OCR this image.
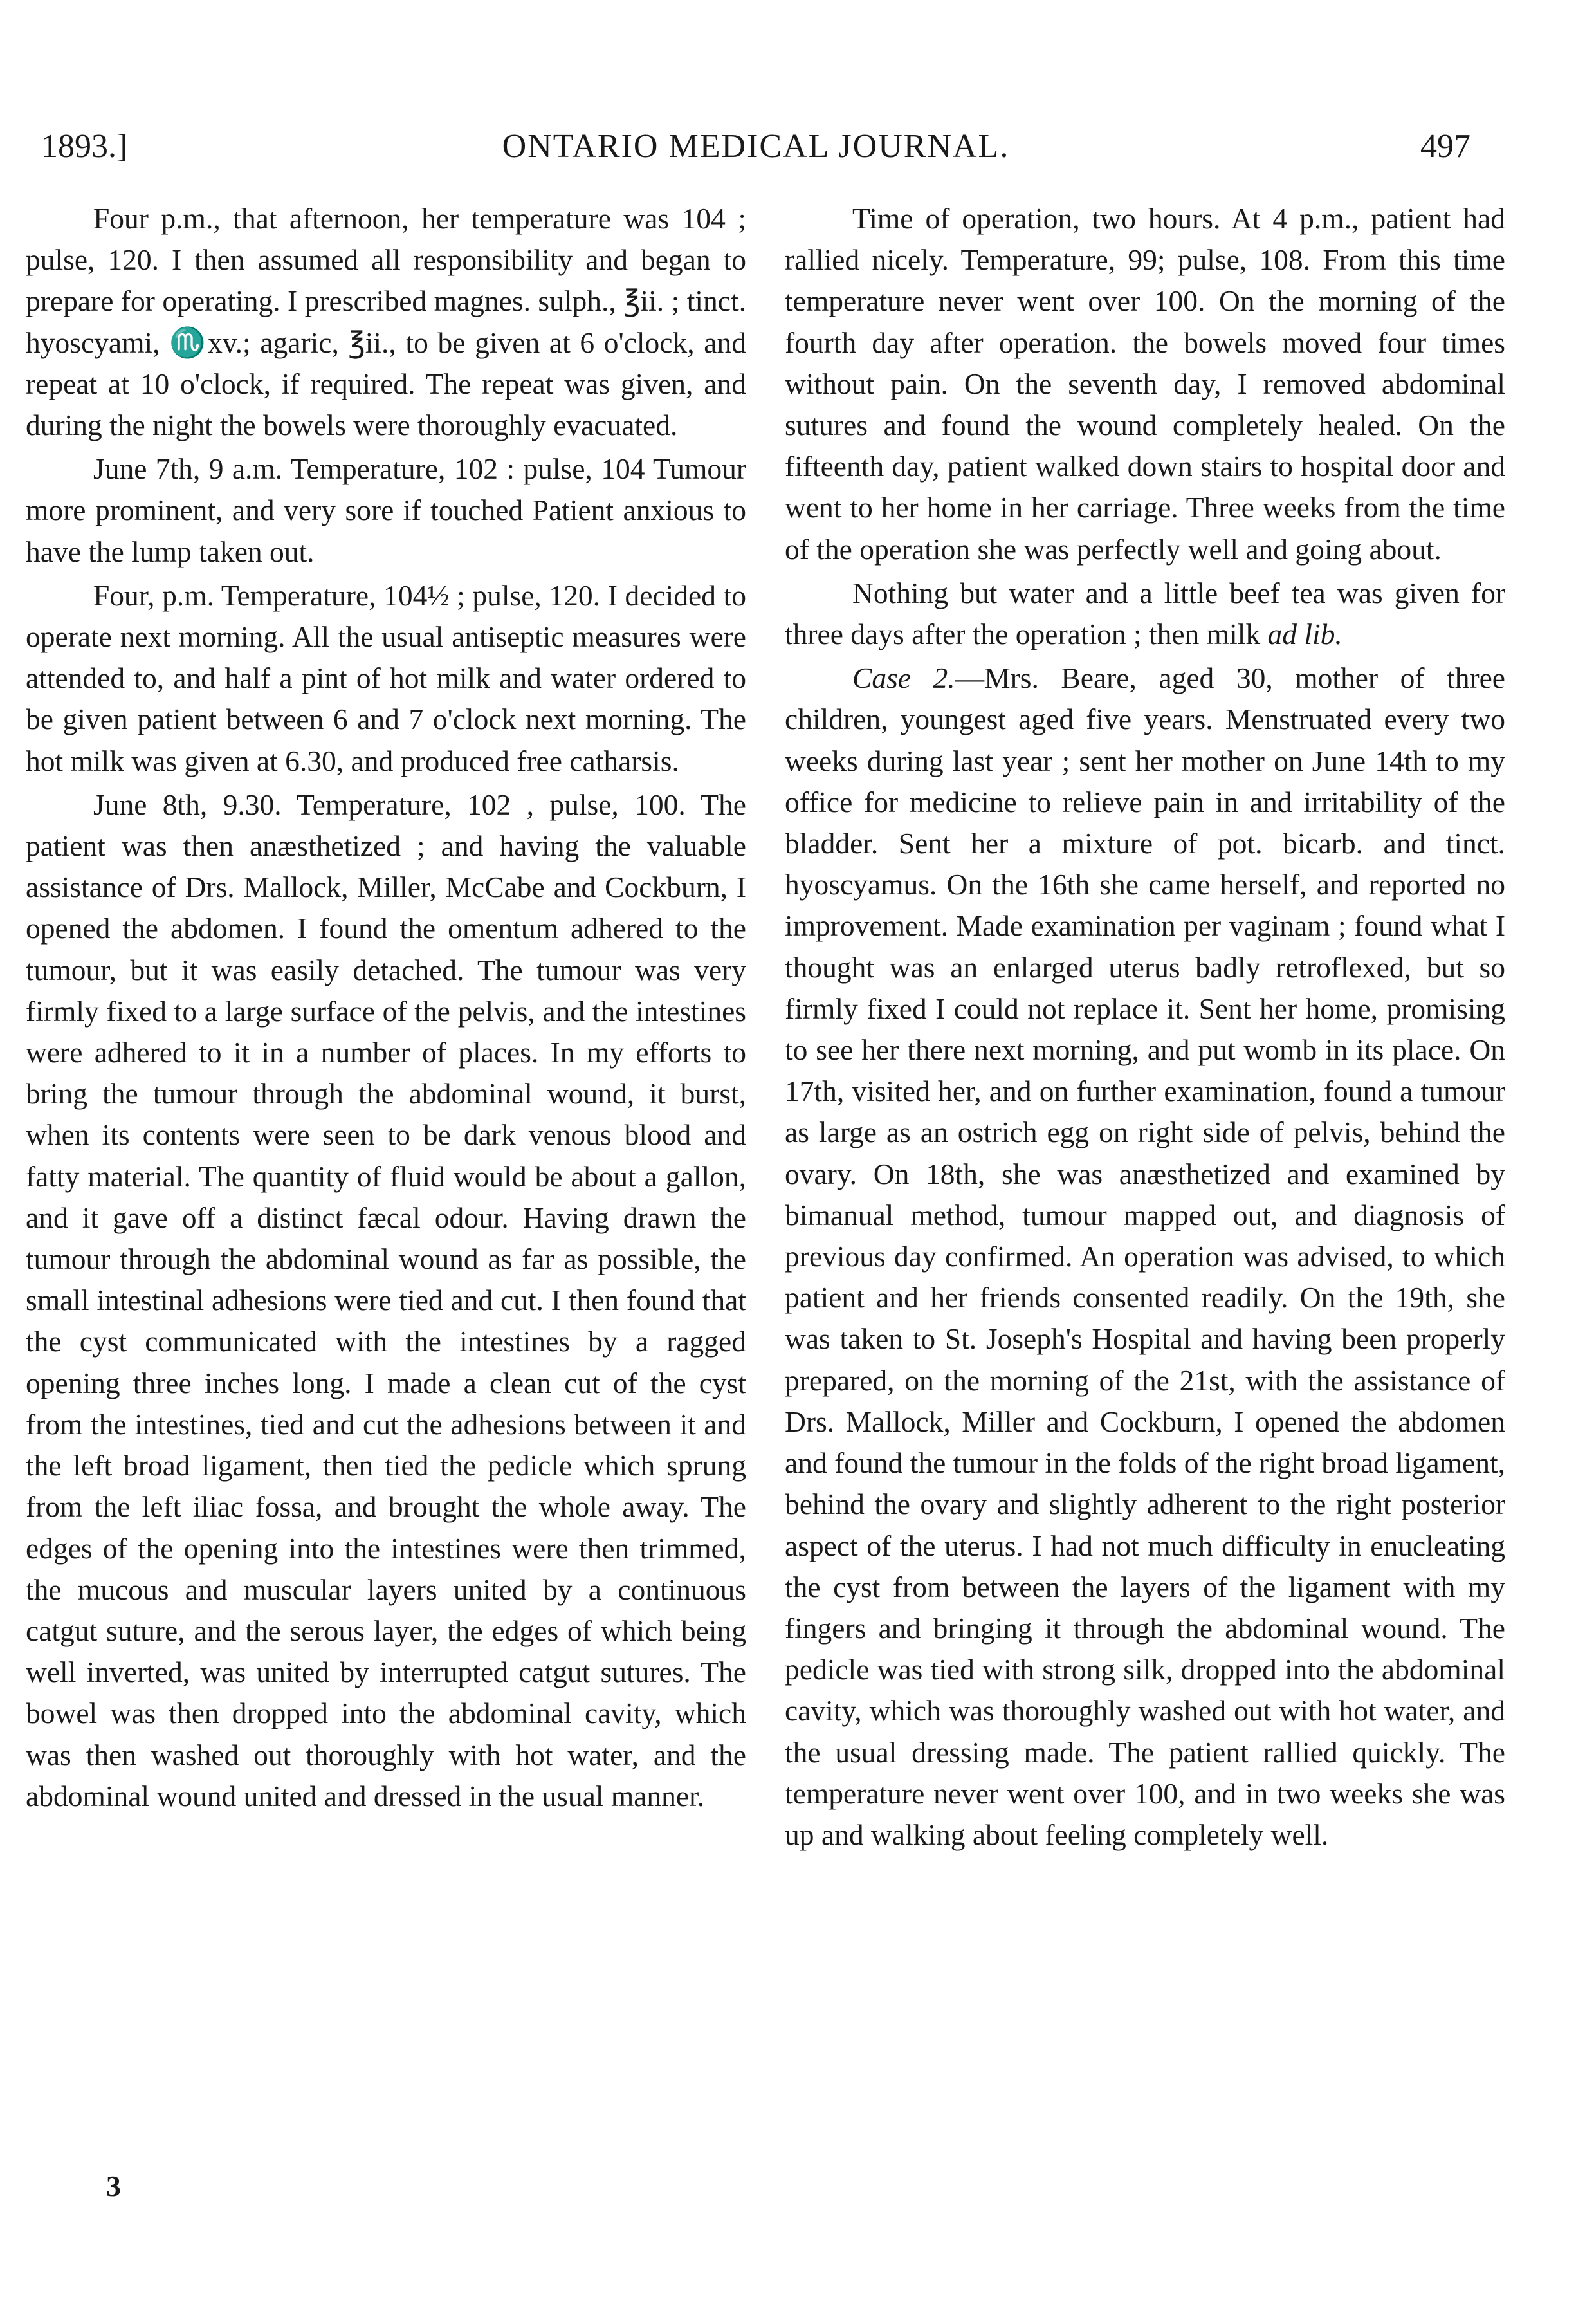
1893.]	ONTARIO MEDICAL JOURNAL.	497

Four p.m., that afternoon, her temperature was 104 ; pulse, 120. I then assumed all responsibility and began to prepare for operating. I prescribed magnes. sulph., ℥ii. ; tinct. hyoscyami, ♏xv.; agaric, ℥ii., to be given at 6 o'clock, and repeat at 10 o'clock, if required. The repeat was given, and during the night the bowels were thoroughly evacuated.

June 7th, 9 a.m. Temperature, 102 : pulse, 104 Tumour more prominent, and very sore if touched Patient anxious to have the lump taken out.

Four, p.m. Temperature, 104½ ; pulse, 120. I decided to operate next morning. All the usual antiseptic measures were attended to, and half a pint of hot milk and water ordered to be given patient between 6 and 7 o'clock next morning. The hot milk was given at 6.30, and produced free catharsis.

June 8th, 9.30. Temperature, 102 , pulse, 100. The patient was then anæsthetized ; and having the valuable assistance of Drs. Mallock, Miller, McCabe and Cockburn, I opened the abdomen. I found the omentum adhered to the tumour, but it was easily detached. The tumour was very firmly fixed to a large surface of the pelvis, and the intestines were adhered to it in a number of places. In my efforts to bring the tumour through the abdominal wound, it burst, when its contents were seen to be dark venous blood and fatty material. The quantity of fluid would be about a gallon, and it gave off a distinct fæcal odour. Having drawn the tumour through the abdominal wound as far as possible, the small intestinal adhesions were tied and cut. I then found that the cyst communicated with the intestines by a ragged opening three inches long. I made a clean cut of the cyst from the intestines, tied and cut the adhesions between it and the left broad ligament, then tied the pedicle which sprung from the left iliac fossa, and brought the whole away. The edges of the opening into the intestines were then trimmed, the mucous and muscular layers united by a continuous catgut suture, and the serous layer, the edges of which being well inverted, was united by interrupted catgut sutures. The bowel was then dropped into the abdominal cavity, which was then washed out thoroughly with hot water, and the abdominal wound united and dressed in the usual manner.

Time of operation, two hours. At 4 p.m., patient had rallied nicely. Temperature, 99; pulse, 108. From this time temperature never went over 100. On the morning of the fourth day after operation. the bowels moved four times without pain. On the seventh day, I removed abdominal sutures and found the wound completely healed. On the fifteenth day, patient walked down stairs to hospital door and went to her home in her carriage. Three weeks from the time of the operation she was perfectly well and going about.

Nothing but water and a little beef tea was given for three days after the operation ; then milk ad lib.

Case 2.—Mrs. Beare, aged 30, mother of three children, youngest aged five years. Menstruated every two weeks during last year ; sent her mother on June 14th to my office for medicine to relieve pain in and irritability of the bladder. Sent her a mixture of pot. bicarb. and tinct. hyoscyamus. On the 16th she came herself, and reported no improvement. Made examination per vaginam ; found what I thought was an enlarged uterus badly retroflexed, but so firmly fixed I could not replace it. Sent her home, promising to see her there next morning, and put womb in its place. On 17th, visited her, and on further examination, found a tumour as large as an ostrich egg on right side of pelvis, behind the ovary. On 18th, she was anæsthetized and examined by bimanual method, tumour mapped out, and diagnosis of previous day confirmed. An operation was advised, to which patient and her friends consented readily. On the 19th, she was taken to St. Joseph's Hospital and having been properly prepared, on the morning of the 21st, with the assistance of Drs. Mallock, Miller and Cockburn, I opened the abdomen and found the tumour in the folds of the right broad ligament, behind the ovary and slightly adherent to the right posterior aspect of the uterus. I had not much difficulty in enucleating the cyst from between the layers of the ligament with my fingers and bringing it through the abdominal wound. The pedicle was tied with strong silk, dropped into the abdominal cavity, which was thoroughly washed out with hot water, and the usual dressing made. The patient rallied quickly. The temperature never went over 100, and in two weeks she was up and walking about feeling completely well.

3
